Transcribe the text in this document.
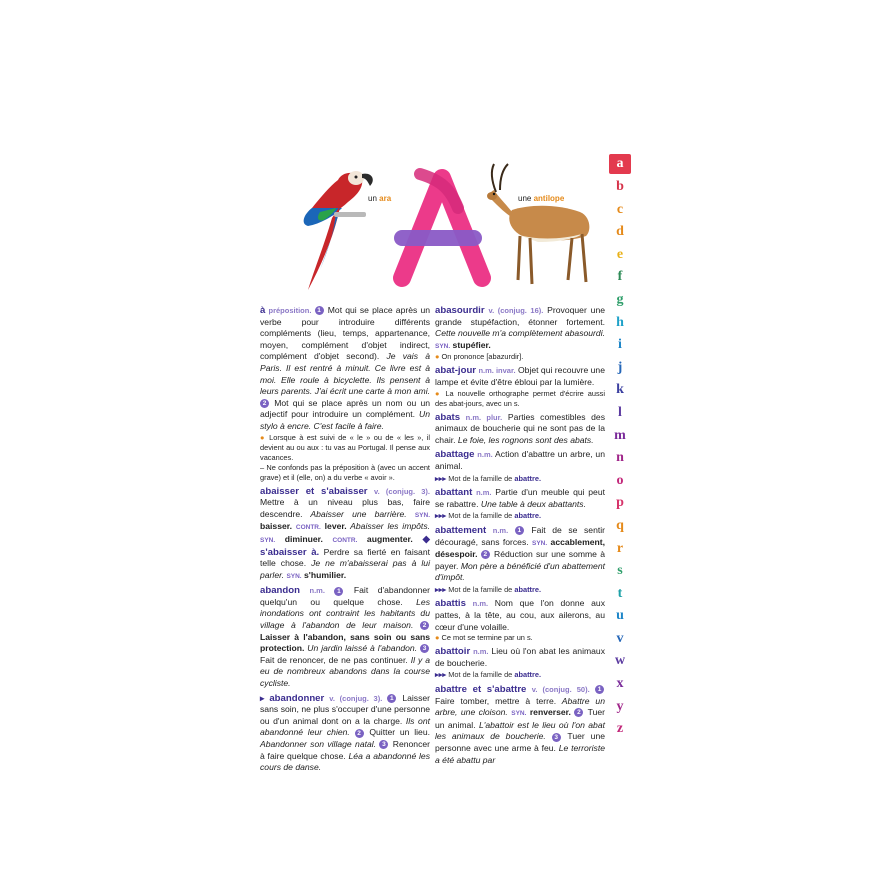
un ara	une antilope

à préposition. 1 Mot qui se place après un verbe pour introduire différents compléments (lieu, temps, appartenance, moyen, complément d'objet indirect, complément d'objet second). Je vais à Paris. Il est rentré à minuit. Ce livre est à moi. Elle roule à bicyclette. Ils pensent à leurs parents. J'ai écrit une carte à mon ami. 2 Mot qui se place après un nom ou un adjectif pour introduire un complément. Un stylo à encre. C'est facile à faire.
● Lorsque à est suivi de « le » ou de « les », il devient au ou aux : tu vas au Portugal. Il pense aux vacances.
– Ne confonds pas la préposition à (avec un accent grave) et il (elle, on) a du verbe « avoir ».

abaisser et s'abaisser v. (conjug. 3). Mettre à un niveau plus bas, faire descendre. Abaisser une barrière. SYN. baisser. CONTR. lever. Abaisser les impôts. SYN. diminuer. CONTR. augmenter. ◆ s'abaisser à. Perdre sa fierté en faisant telle chose. Je ne m'abaisserai pas à lui parler. SYN. s'humilier.

abandon n.m. 1 Fait d'abandonner quelqu'un ou quelque chose. Les inondations ont contraint les habitants du village à l'abandon de leur maison. 2 Laisser à l'abandon, sans soin ou sans protection. Un jardin laissé à l'abandon. 3 Fait de renoncer, de ne pas continuer. Il y a eu de nombreux abandons dans la course cycliste.

▸ abandonner v. (conjug. 3). 1 Laisser sans soin, ne plus s'occuper d'une personne ou d'un animal dont on a la charge. Ils ont abandonné leur chien. 2 Quitter un lieu. Abandonner son village natal. 3 Renoncer à faire quelque chose. Léa a abandonné les cours de danse.

abasourdir v. (conjug. 16). Provoquer une grande stupéfaction, étonner fortement. Cette nouvelle m'a complètement abasourdi. SYN. stupéfier.
● On prononce [abazurdir].

abat-jour n.m. invar. Objet qui recouvre une lampe et évite d'être ébloui par la lumière.
● La nouvelle orthographe permet d'écrire aussi des abat-jours, avec un s.

abats n.m. plur. Parties comestibles des animaux de boucherie qui ne sont pas de la chair. Le foie, les rognons sont des abats.

abattage n.m. Action d'abattre un arbre, un animal.
▸▸▸ Mot de la famille de abattre.

abattant n.m. Partie d'un meuble qui peut se rabattre. Une table à deux abattants.
▸▸▸ Mot de la famille de abattre.

abattement n.m. 1 Fait de se sentir découragé, sans forces. SYN. accablement, désespoir. 2 Réduction sur une somme à payer. Mon père a bénéficié d'un abattement d'impôt.
▸▸▸ Mot de la famille de abattre.

abattis n.m. Nom que l'on donne aux pattes, à la tête, au cou, aux ailerons, au cœur d'une volaille.
● Ce mot se termine par un s.

abattoir n.m. Lieu où l'on abat les animaux de boucherie.
▸▸▸ Mot de la famille de abattre.

abattre et s'abattre v. (conjug. 50). 1 Faire tomber, mettre à terre. Abattre un arbre, une cloison. SYN. renverser. 2 Tuer un animal. L'abattoir est le lieu où l'on abat les animaux de boucherie. 3 Tuer une personne avec une arme à feu. Le terroriste a été abattu par

a
b
c
d
e
f
g
h
i
j
k
l
m
n
o
p
q
r
s
t
u
v
w
x
y
z
